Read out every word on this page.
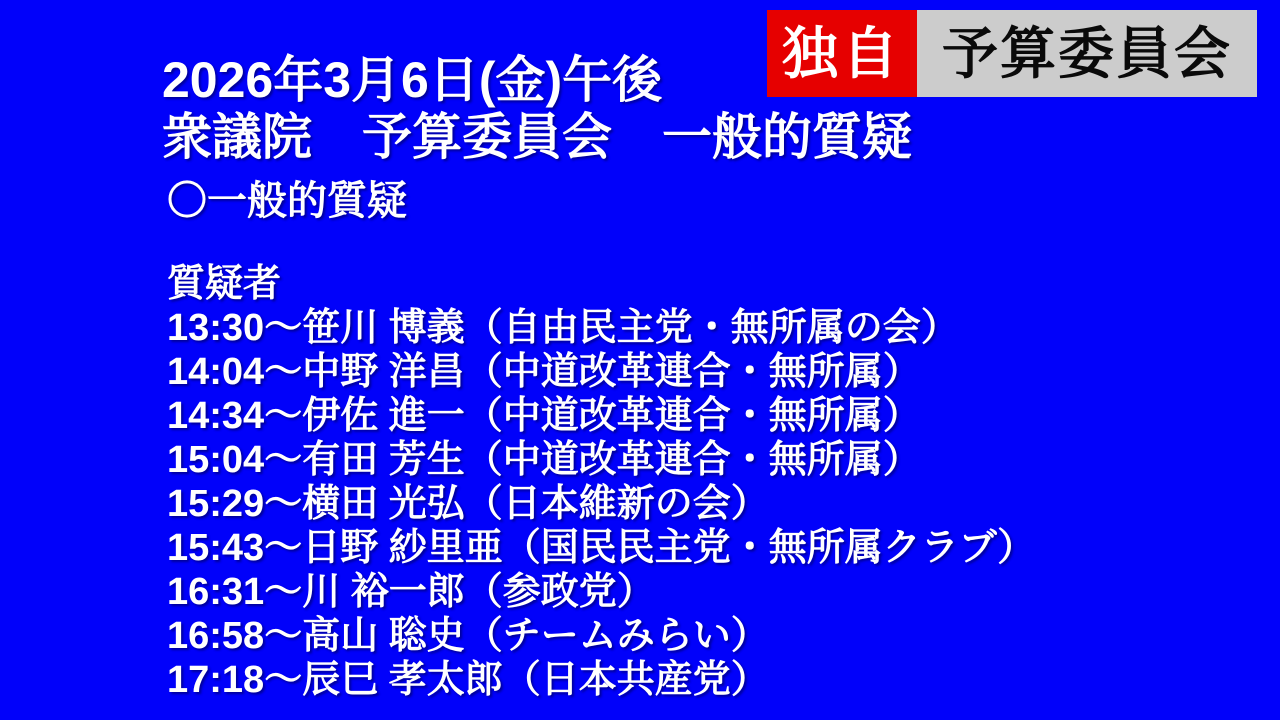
独自 予算委員会
2026年3月6日(金)午後
衆議院　予算委員会　一般的質疑
〇一般的質疑
質疑者
13:30～笹川 博義（自由民主党・無所属の会）
14:04～中野 洋昌（中道改革連合・無所属）
14:34～伊佐 進一（中道改革連合・無所属）
15:04～有田 芳生（中道改革連合・無所属）
15:29～横田 光弘（日本維新の会）
15:43～日野 紗里亜（国民民主党・無所属クラブ）
16:31～川 裕一郎（参政党）
16:58～高山 聡史（チームみらい）
17:18～辰巳 孝太郎（日本共産党）
